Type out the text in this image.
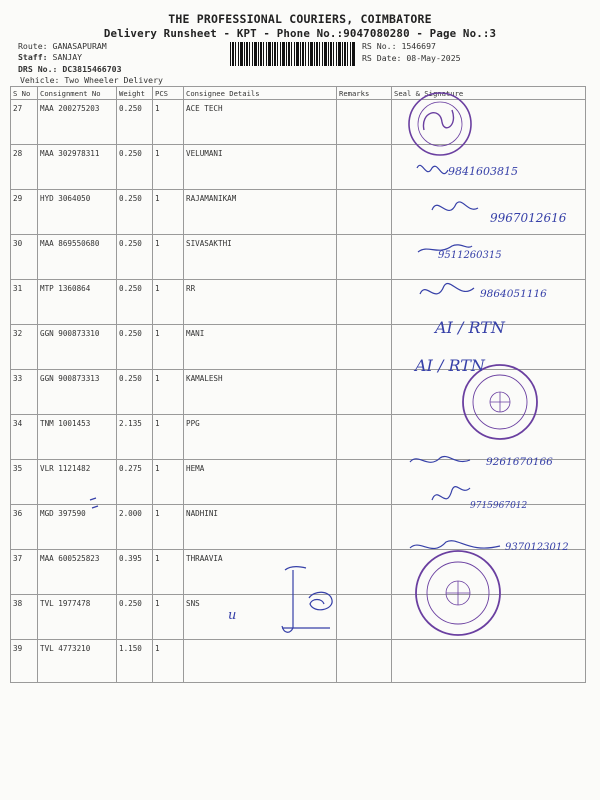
THE PROFESSIONAL COURIERS, COIMBATORE
Delivery Runsheet - KPT - Phone No.:9047080280 - Page No.:3
Route: GANASAPURAM
Staff: SANJAY
DRS No.: DC3815466703
Vehicle: Two Wheeler Delivery
RS No.: 1546697
RS Date: 08-May-2025
S No	Consignment No	Weight	PCS	Consignee Details	Remarks	Seal & Signature
27	MAA 200275203	0.250	1	ACE TECH		
28	MAA 302978311	0.250	1	VELUMANI		
29	HYD 3064050	0.250	1	RAJAMANIKAM		
30	MAA 869550680	0.250	1	SIVASAKTHI		
31	MTP 1360864	0.250	1	RR		
32	GGN 900873310	0.250	1	MANI		
33	GGN 900873313	0.250	1	KAMALESH		
34	TNM 1001453	2.135	1	PPG		
35	VLR 1121482	0.275	1	HEMA		
36	MGD 397590	2.000	1	NADHINI		
37	MAA 600525823	0.395	1	THRAAVIA		
38	TVL 1977478	0.250	1	SNS		
39	TVL 4773210	1.150	1			
9841603815
9967012616
9511260315
9864051116
AI / RTN
AI / RTN
9261670166
9715967012
9370123012
u
